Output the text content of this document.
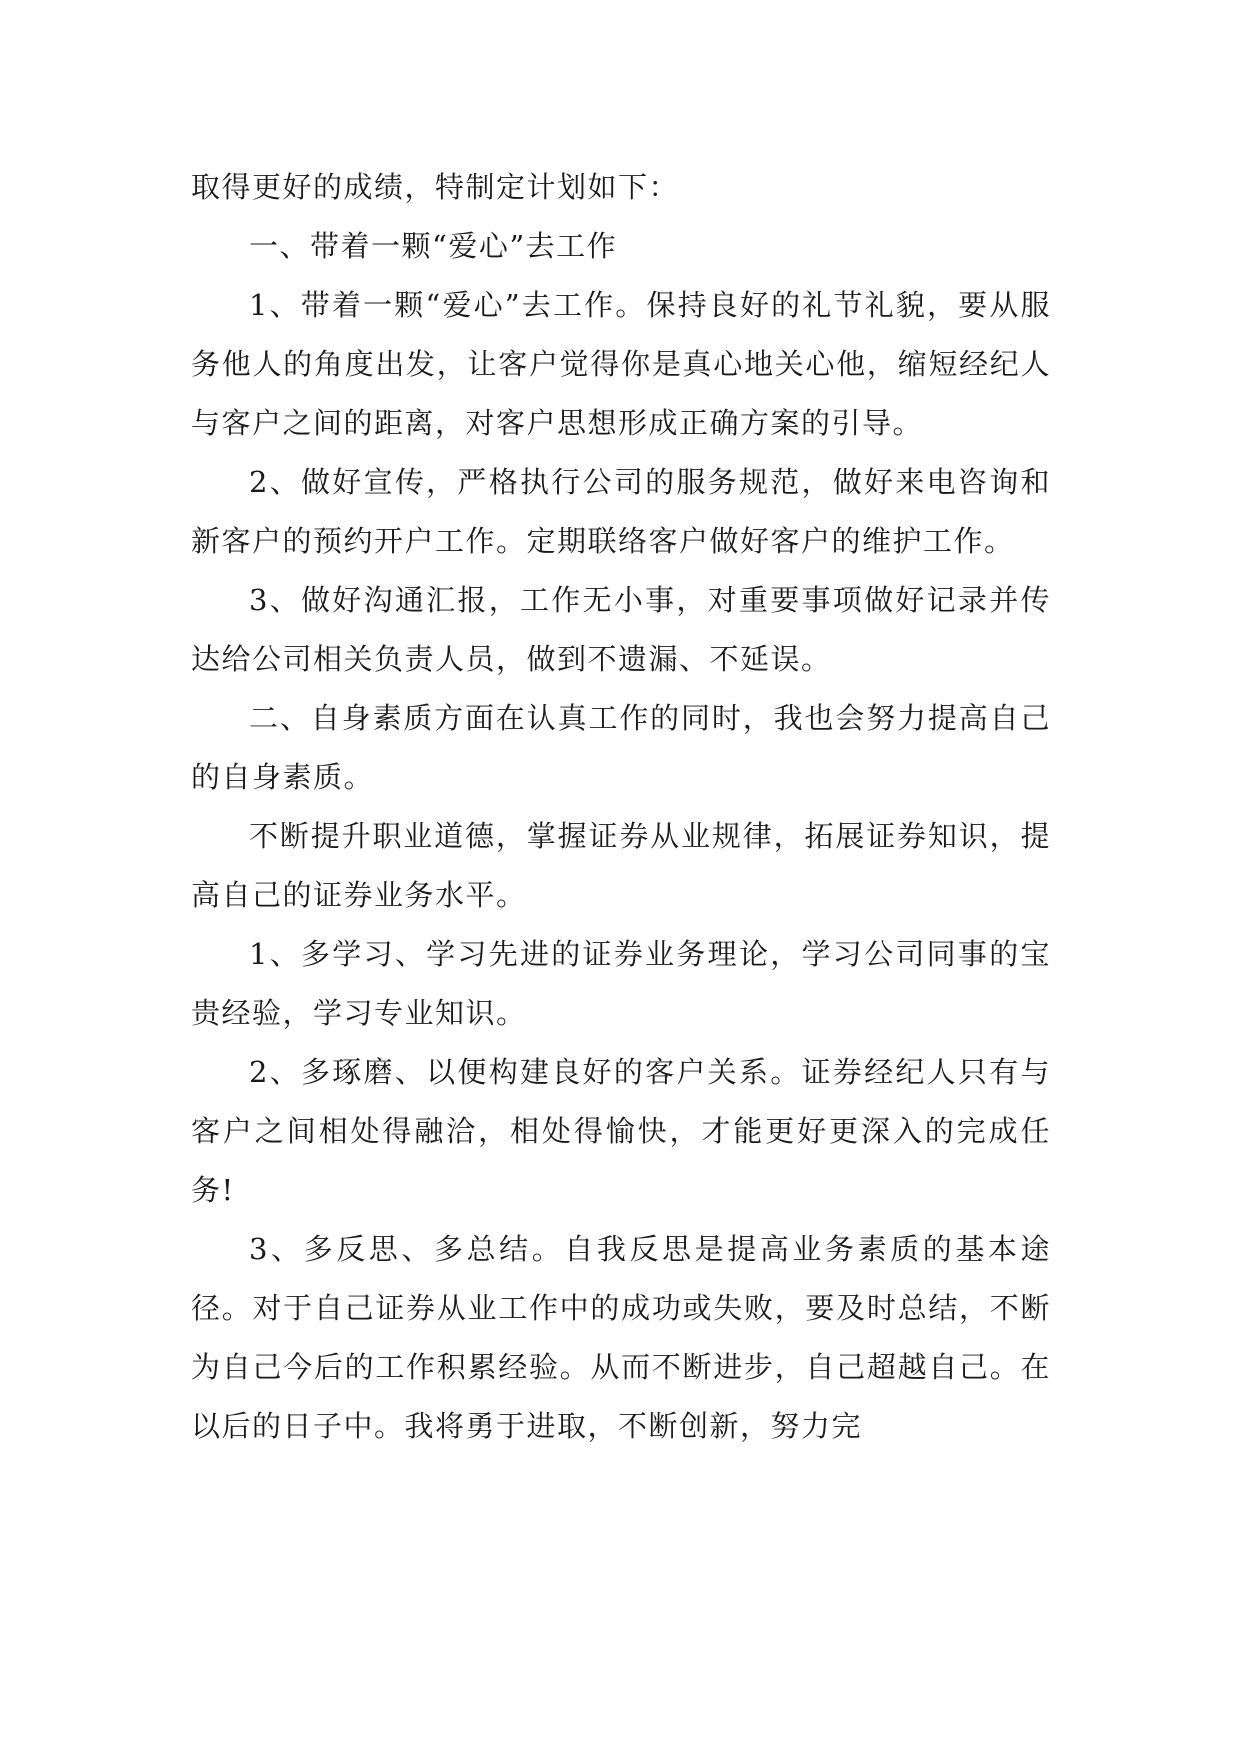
取得更好的成绩，特制定计划如下：

一、带着一颗“爱心”去工作

1、带着一颗“爱心”去工作。保持良好的礼节礼貌，要从服务他人的角度出发，让客户觉得你是真心地关心他，缩短经纪人与客户之间的距离，对客户思想形成正确方案的引导。

2、做好宣传，严格执行公司的服务规范，做好来电咨询和新客户的预约开户工作。定期联络客户做好客户的维护工作。

3、做好沟通汇报，工作无小事，对重要事项做好记录并传达给公司相关负责人员，做到不遗漏、不延误。

二、自身素质方面在认真工作的同时，我也会努力提高自己的自身素质。

不断提升职业道德，掌握证券从业规律，拓展证券知识，提高自己的证券业务水平。

1、多学习、学习先进的证券业务理论，学习公司同事的宝贵经验，学习专业知识。

2、多琢磨、以便构建良好的客户关系。证券经纪人只有与客户之间相处得融洽，相处得愉快，才能更好更深入的完成任务!

3、多反思、多总结。自我反思是提高业务素质的基本途径。对于自己证券从业工作中的成功或失败，要及时总结，不断为自己今后的工作积累经验。从而不断进步，自己超越自己。在以后的日子中。我将勇于进取，不断创新，努力完
